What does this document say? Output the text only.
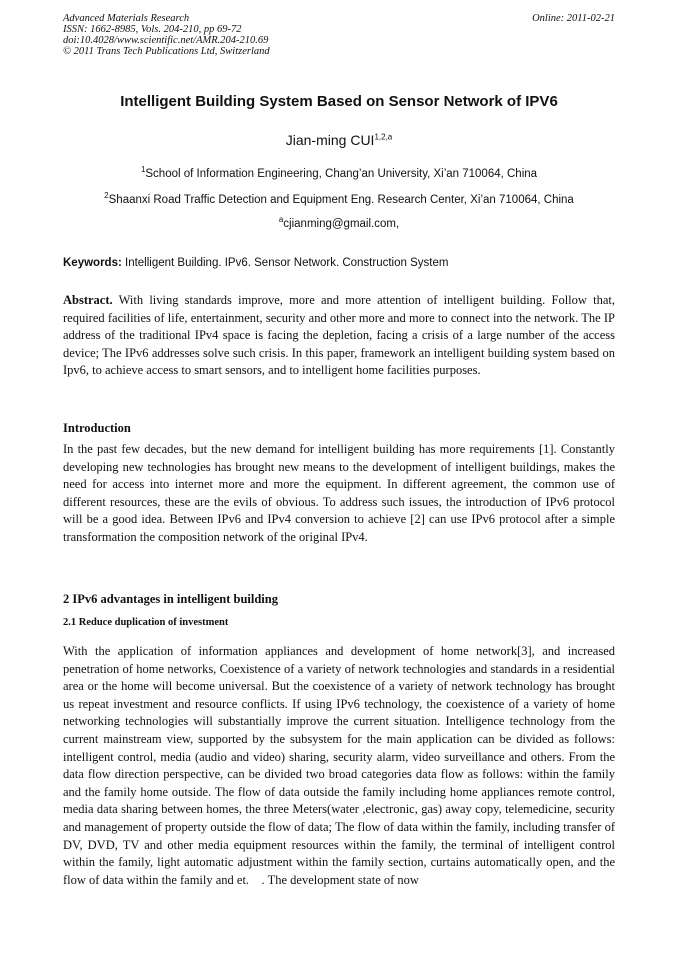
Advanced Materials Research
ISSN: 1662-8985, Vols. 204-210, pp 69-72
doi:10.4028/www.scientific.net/AMR.204-210.69
© 2011 Trans Tech Publications Ltd, Switzerland
Online: 2011-02-21
Intelligent Building System Based on Sensor Network of IPV6
Jian-ming CUI$^{1,2,a}$
$^1$School of Information Engineering, Chang’an University, Xi’an 710064, China
$^2$Shaanxi Road Traffic Detection and Equipment Eng. Research Center, Xi’an 710064, China
$^a$cjianming@gmail.com,
Keywords: Intelligent Building. IPv6. Sensor Network. Construction System
Abstract. With living standards improve, more and more attention of intelligent building. Follow that, required facilities of life, entertainment, security and other more and more to connect into the network. The IP address of the traditional IPv4 space is facing the depletion, facing a crisis of a large number of the access device; The IPv6 addresses solve such crisis. In this paper, framework an intelligent building system based on Ipv6, to achieve access to smart sensors, and to intelligent home facilities purposes.
Introduction
In the past few decades, but the new demand for intelligent building has more requirements [1]. Constantly developing new technologies has brought new means to the development of intelligent buildings, makes the need for access into internet more and more the equipment. In different agreement, the common use of different resources, these are the evils of obvious. To address such issues, the introduction of IPv6 protocol will be a good idea. Between IPv6 and IPv4 conversion to achieve [2] can use IPv6 protocol after a simple transformation the composition network of the original IPv4.
2 IPv6 advantages in intelligent building
2.1 Reduce duplication of investment
With the application of information appliances and development of home network[3], and increased penetration of home networks, Coexistence of a variety of network technologies and standards in a residential area or the home will become universal. But the coexistence of a variety of network technology has brought us repeat investment and resource conflicts. If using IPv6 technology, the coexistence of a variety of home networking technologies will substantially improve the current situation. Intelligence technology from the current mainstream view, supported by the subsystem for the main application can be divided as follows: intelligent control, media (audio and video) sharing, security alarm, video surveillance and others. From the data flow direction perspective, can be divided two broad categories data flow as follows: within the family and the family home outside. The flow of data outside the family including home appliances remote control, media data sharing between homes, the three Meters(water ,electronic, gas) away copy, telemedicine, security and management of property outside the flow of data; The flow of data within the family, including transfer of DV, DVD, TV and other media equipment resources within the family, the terminal of intelligent control within the family, light automatic adjustment within the family section, curtains automatically open, and the flow of data within the family and et.　. The development state of now
